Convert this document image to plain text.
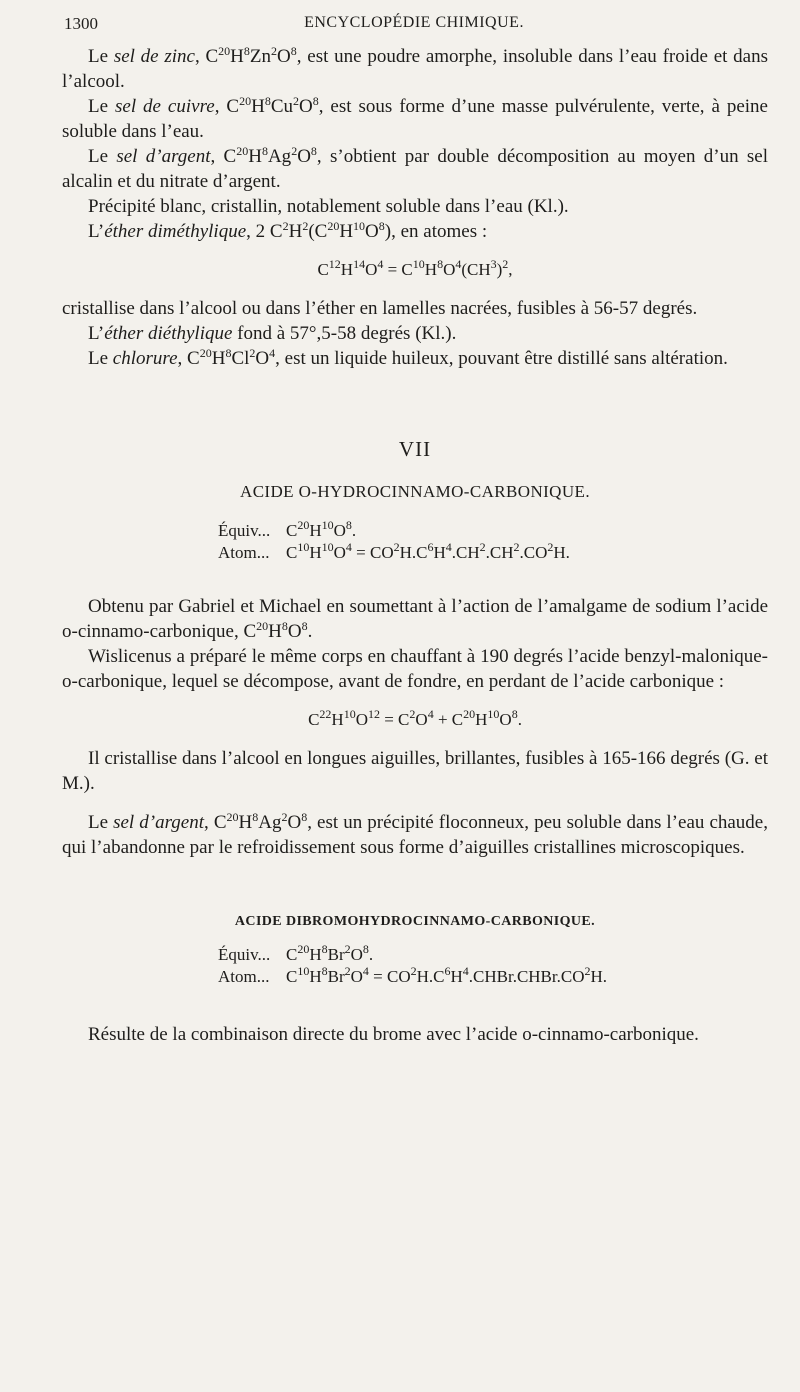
1300	ENCYCLOPÉDIE CHIMIQUE.

Le sel de zinc, $C^{20}H^8Zn^2O^8$, est une poudre amorphe, insoluble dans l’eau froide et dans l’alcool.

Le sel de cuivre, $C^{20}H^8Cu^2O^8$, est sous forme d’une masse pulvérulente, verte, à peine soluble dans l’eau.

Le sel d’argent, $C^{20}H^8Ag^2O^8$, s’obtient par double décomposition au moyen d’un sel alcalin et du nitrate d’argent.

Précipité blanc, cristallin, notablement soluble dans l’eau (Kl.).

L’éther diméthylique, 2 $C^2H^2(C^{20}H^{10}O^8)$, en atomes :

$C^{12}H^{14}O^4 = C^{10}H^8O^4(CH^3)^2$,

cristallise dans l’alcool ou dans l’éther en lamelles nacrées, fusibles à 56-57 degrés.

L’éther diéthylique fond à 57°,5-58 degrés (Kl.).

Le chlorure, $C^{20}H^8Cl^2O^4$, est un liquide huileux, pouvant être distillé sans altération.

VII
ACIDE O-HYDROCINNAMO-CARBONIQUE.
Équiv... $C^{20}H^{10}O^8$.
Atom... $C^{10}H^{10}O^4 = CO^2H.C^6H^4.CH^2.CH^2.CO^2H$.

Obtenu par Gabriel et Michael en soumettant à l’action de l’amalgame de sodium l’acide o-cinnamo-carbonique, $C^{20}H^8O^8$.

Wislicenus a préparé le même corps en chauffant à 190 degrés l’acide benzyl-malonique-o-carbonique, lequel se décompose, avant de fondre, en perdant de l’acide carbonique :

$C^{22}H^{10}O^{12} = C^2O^4 + C^{20}H^{10}O^8$.

Il cristallise dans l’alcool en longues aiguilles, brillantes, fusibles à 165-166 degrés (G. et M.).

Le sel d’argent, $C^{20}H^8Ag^2O^8$, est un précipité floconneux, peu soluble dans l’eau chaude, qui l’abandonne par le refroidissement sous forme d’aiguilles cristallines microscopiques.

ACIDE DIBROMOHYDROCINNAMO-CARBONIQUE.
Équiv... $C^{20}H^8Br^2O^8$.
Atom... $C^{10}H^8Br^2O^4$ = $CO^2H.C^6H^4.CHBr.CHBr.CO^2H$.

Résulte de la combinaison directe du brome avec l’acide o-cinnamo-carbonique.
